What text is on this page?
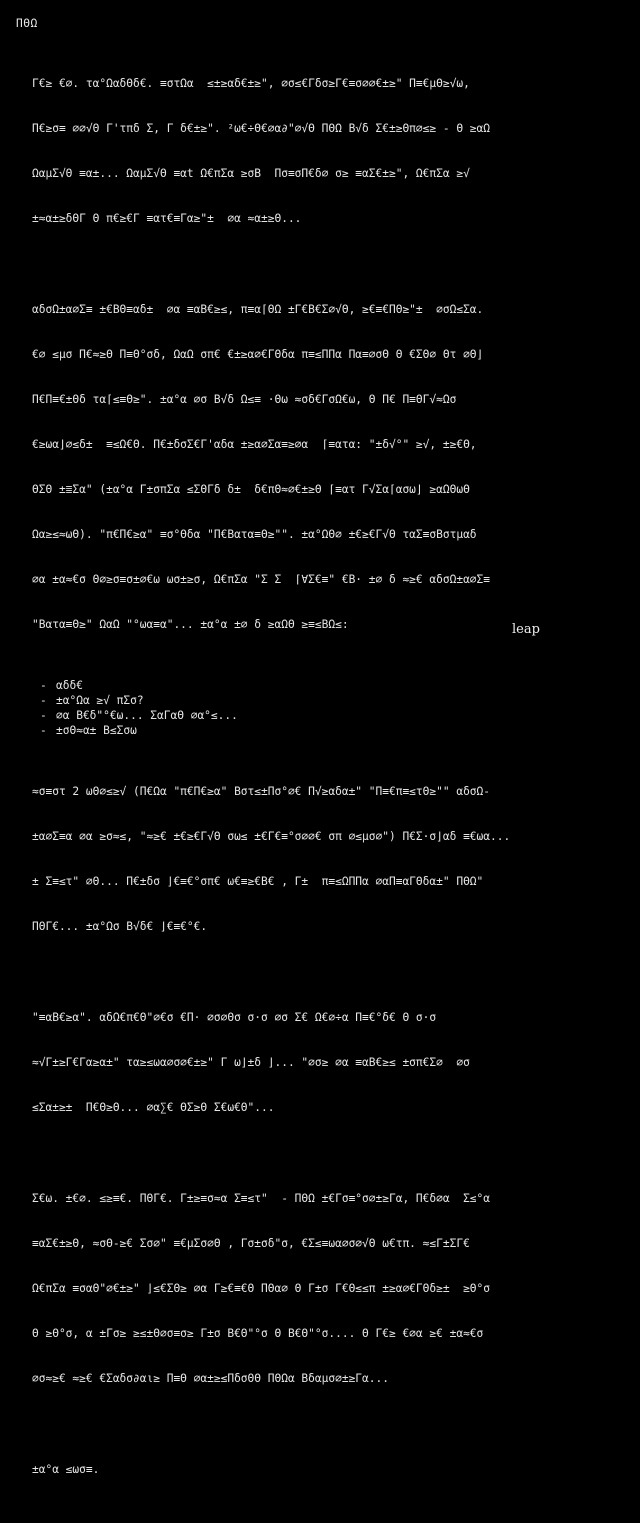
ΠΘΩ

Γ€≥ €∅. τα°ΩαδΘδ€. ≡στΩα  ≤±≥αδ€±≥", ∅σ≤€Γδσ≥Γ€≡σ∅∅€±≥" Π≡€μΘ≥√ω,

Π€≥σ≡ ∅∅√Θ Γ'τπδ Σ, Γ δ€±≥". ²ω€÷Θ€∅α∂"∅√Θ ΠΘΩ Β√δ Σ€±≥Θπ∅≤≥ - Θ ≥αΩ

ΩαμΣ√Θ ≡α±... ΩαμΣ√Θ ≡αt Ω€πΣα ≥σΒ  Πσ≡σΠ€δ∅ σ≥ ≡αΣ€±≥", Ω€πΣα ≥√

±≈α±≥δΘΓ Θ π€≥€Γ ≡ατ€≡Γα≥"±  ∅α ≈α±≥Θ...

αδσΩ±α∅Σ≡ ±€ΒΘ≡αδ±  ∅α ≡αΒ€≥≤, π≡α⌈ΘΩ ±Γ€Β€Σ∅√Θ, ≥€≡€ΠΘ≥"±  ∅σΩ≤Σα.

€∅ ≤μσ Π€≈≥Θ Π≡Θ°σδ, ΩαΩ σπ€ €±≥α∅€ΓΘδα π≡≤ΠΠα Πα≡∅σΘ Θ €ΣΘ∅ Θτ ∅Θ⌋

Π€Π≡€±Θδ τα⌈≤≡Θ≥". ±α°α ∅σ Β√δ Ω≤≡ ·Θω ≈σδ€ΓσΩ€ω, Θ Π€ Π≡ΘΓ√≈Ωσ

€≥ωα⌋∅≤δ±  ≡≤Ω€Θ. Π€±δσΣ€Γ'αδα ±≥α∅Σα≡≥∅α  ⌈≡ατα: "±δ√°" ≥√, ±≥€Θ,

ΘΣΘ ±≣Σα" (±α°α Γ±σπΣα ≤ΣΘΓδ δ±  δ€πΘ≈∅€±≥Θ ⌈≡ατ Γ√Σα⌈ασω⌋ ≥αΩΘωΘ

Ωα≥≤≈ωΘ). "π€Π€≥α" ≡σ°Θδα "Π€Βατα≡Θ≥"". ±α°ΩΘ∅ ±€≥€Γ√Θ ταΣ≡σΒστμαδ

∅α ±α≈€σ Θ∅≥σ≡σ±∅€ω ωσ±≥σ, Ω€πΣα "Σ Σ  ⌈∀Σ€≡" €Β· ±∅ δ ≈≥€ αδσΩ±α∅Σ≡

"Βατα≡Θ≥" ΩαΩ "°ωα≡α"... ±α°α ±∅ δ ≥αΩΘ ≥≡≤ΒΩ≤:

- αδδ€
- ±α°Ωα ≥√ πΣσ?
- ∅α Β€δ"°€ω... ΣαΓαΘ ∅α°≤...
- ±σΘ≈α± Β≤Σσω

≈σ≡στ 2 ωΘ∅≤≥√ (Π€Ωα "π€Π€≥α" Βστ≤±Πσ°∅€ Π√≥αδα±" "Π≡€π≡≤τΘ≥"" αδσΩ-

±α∅Σ≡α ∅α ≥σ≈≤, "≈≥€ ±€≥€Γ√Θ σω≤ ±€Γ€≡°σ∅∅€ σπ ∅≤μσ∅") Π€Σ·σ⌋αδ ≡€ωα...

± Σ≡≤τ" ∅Θ... Π€±δσ ⌋€≡€°σπ€ ω€≡≥€Β€ , Γ±  π≡≤ΩΠΠα ∅αΠ≡αΓΘδα±" ΠΘΩ"

ΠΘΓ€... ±α°Ωσ Β√δ€ ⌋€≡€°€.

"≡αΒ€≥α". αδΩ€π€Θ"∅€σ €Π· ∅σ∅Θσ σ·σ ∅σ Σ€ Ω€∅÷α Π≡€°δ€ Θ σ·σ

≈√Γ±≥Γ€Γα≥α±" τα≥≤ωα∅σ∅€±≥" Γ ω⌋±δ ⌋... "∅σ≥ ∅α ≡αΒ€≥≤ ±σπ€Σ∅  ∅σ

≤Σα±≥±  Π€Θ≥Θ... ∅α∑€ ΘΣ≥Θ Σ€ω€Θ"...

Σ€ω. ±€∅. ≤≥≡€. ΠΘΓ€. Γ±≥≡σ≈α Σ≡≤τ"  - ΠΘΩ ±€Γσ≡°σ∅±≥Γα, Π€δ∅α  Σ≤°α

≡αΣ€±≥Θ, ≈σΘ-≥€ Σσ∅" ≡€μΣσ∅Θ , Γσ±σδ"σ, €Σ≤≡ωα∅σ∅√Θ ω€τπ. ≈≤Γ±ΣΓ€

Ω€πΣα ≡σαΘ"∅€±≥" ⌋≤€ΣΘ≥ ∅α Γ≥€≡€Θ ΠΘα∅ Θ Γ±σ Γ€Θ≤≤π ±≥α∅€ΓΘδ≥±  ≥Θ°σ

Θ ≥Θ°σ, α ±Γσ≥ ≥≤±Θ∅σ≡σ≥ Γ±σ Β€Θ"°σ Θ Β€Θ"°σ.... Θ Γ€≥ €∅α ≥€ ±α≈€σ

∅σ≈≥€ ≈≥€ €Σαδσ∂αι≥ Π≡Θ ∅α±≥≤ΠδσΘΘ ΠΘΩα Βδαμσ∅±≥Γα...

±α°α ≤ωσ≡.

leap
